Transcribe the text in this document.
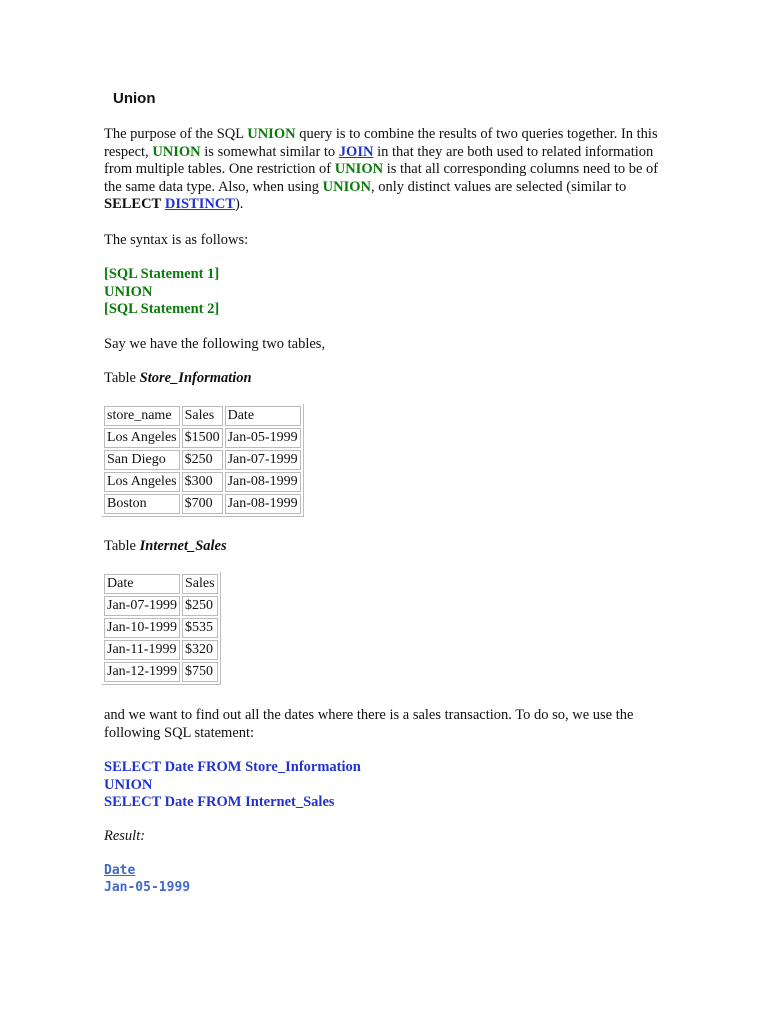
Union
The purpose of the SQL UNION query is to combine the results of two queries together. In this respect, UNION is somewhat similar to JOIN in that they are both used to related information from multiple tables. One restriction of UNION is that all corresponding columns need to be of the same data type. Also, when using UNION, only distinct values are selected (similar to SELECT DISTINCT).
The syntax is as follows:
[SQL Statement 1]
UNION
[SQL Statement 2]
Say we have the following two tables,
Table Store_Information
store_name	Sales	Date
Los Angeles	$1500	Jan-05-1999
San Diego	$250	Jan-07-1999
Los Angeles	$300	Jan-08-1999
Boston	$700	Jan-08-1999
Table Internet_Sales
Date	Sales
Jan-07-1999	$250
Jan-10-1999	$535
Jan-11-1999	$320
Jan-12-1999	$750
and we want to find out all the dates where there is a sales transaction. To do so, we use the following SQL statement:
SELECT Date FROM Store_Information
UNION
SELECT Date FROM Internet_Sales
Result:
Date
Jan-05-1999
